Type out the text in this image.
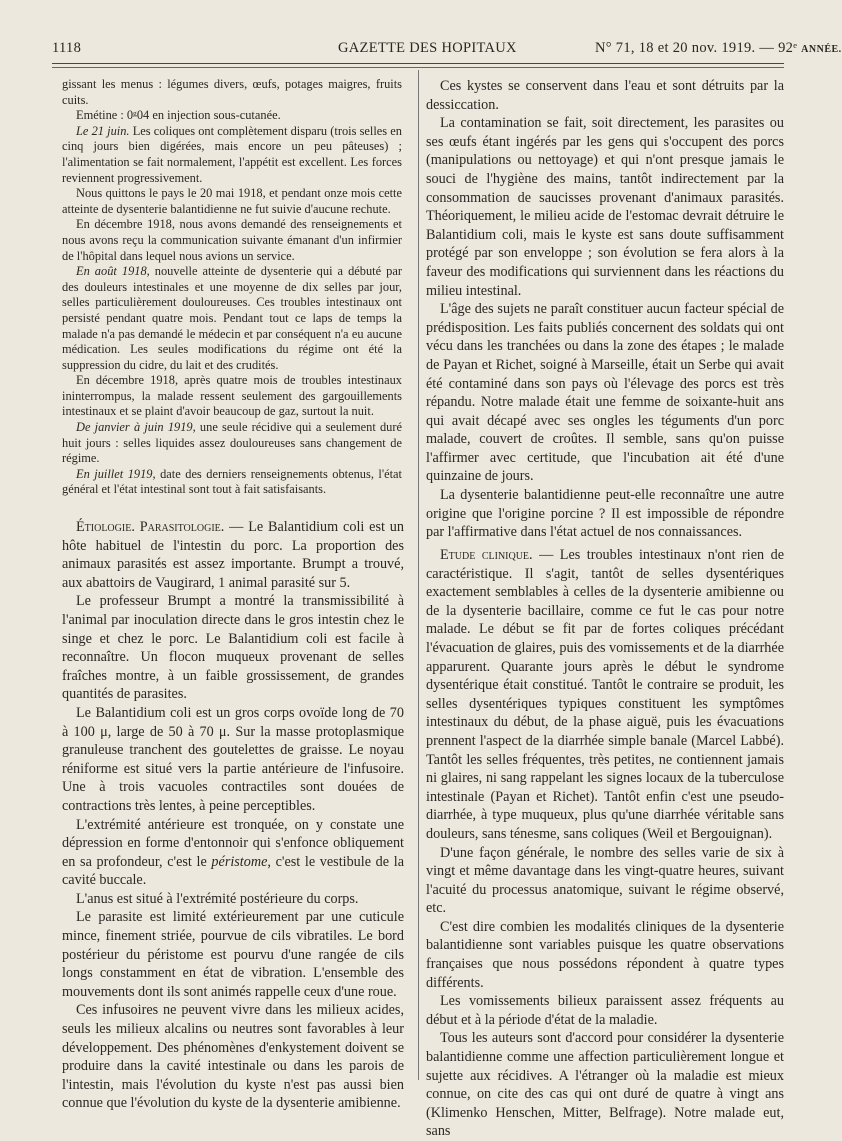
1118	GAZETTE DES HOPITAUX	N° 71, 18 et 20 nov. 1919. — 92ᵉ ANNÉE.

gissant les menus : légumes divers, œufs, potages maigres, fruits cuits.

Emétine : 0ᵍ04 en injection sous-cutanée.

Le 21 juin. Les coliques ont complètement disparu (trois selles en cinq jours bien digérées, mais encore un peu pâteuses) ; l'alimentation se fait normalement, l'appétit est excellent. Les forces reviennent progressivement.

Nous quittons le pays le 20 mai 1918, et pendant onze mois cette atteinte de dysenterie balantidienne ne fut suivie d'aucune rechute.

En décembre 1918, nous avons demandé des renseignements et nous avons reçu la communication suivante émanant d'un infirmier de l'hôpital dans lequel nous avions un service.

En août 1918, nouvelle atteinte de dysenterie qui a débuté par des douleurs intestinales et une moyenne de dix selles par jour, selles particulièrement douloureuses. Ces troubles intestinaux ont persisté pendant quatre mois. Pendant tout ce laps de temps la malade n'a pas demandé le médecin et par conséquent n'a eu aucune médication. Les seules modifications du régime ont été la suppression du cidre, du lait et des crudités.

En décembre 1918, après quatre mois de troubles intestinaux ininterrompus, la malade ressent seulement des gargouillements intestinaux et se plaint d'avoir beaucoup de gaz, surtout la nuit.

De janvier à juin 1919, une seule récidive qui a seulement duré huit jours : selles liquides assez douloureuses sans changement de régime.

En juillet 1919, date des derniers renseignements obtenus, l'état général et l'état intestinal sont tout à fait satisfaisants.

Étiologie. Parasitologie. — Le Balantidium coli est un hôte habituel de l'intestin du porc. La proportion des animaux parasités est assez importante. Brumpt a trouvé, aux abattoirs de Vaugirard, 1 animal parasité sur 5.

Le professeur Brumpt a montré la transmissibilité à l'animal par inoculation directe dans le gros intestin chez le singe et chez le porc. Le Balantidium coli est facile à reconnaître. Un flocon muqueux provenant de selles fraîches montre, à un faible grossissement, de grandes quantités de parasites.

Le Balantidium coli est un gros corps ovoïde long de 70 à 100 μ, large de 50 à 70 μ. Sur la masse protoplasmique granuleuse tranchent des goutelettes de graisse. Le noyau réniforme est situé vers la partie antérieure de l'infusoire. Une à trois vacuoles contractiles sont douées de contractions très lentes, à peine perceptibles.

L'extrémité antérieure est tronquée, on y constate une dépression en forme d'entonnoir qui s'enfonce obliquement en sa profondeur, c'est le péristome, c'est le vestibule de la cavité buccale.

L'anus est situé à l'extrémité postérieure du corps.

Le parasite est limité extérieurement par une cuticule mince, finement striée, pourvue de cils vibratiles. Le bord postérieur du péristome est pourvu d'une rangée de cils longs constamment en état de vibration. L'ensemble des mouvements dont ils sont animés rappelle ceux d'une roue.

Ces infusoires ne peuvent vivre dans les milieux acides, seuls les milieux alcalins ou neutres sont favorables à leur développement. Des phénomènes d'enkystement doivent se produire dans la cavité intestinale ou dans les parois de l'intestin, mais l'évolution du kyste n'est pas aussi bien connue que l'évolution du kyste de la dysenterie amibienne.

Ces kystes se conservent dans l'eau et sont détruits par la dessiccation.

La contamination se fait, soit directement, les parasites ou ses œufs étant ingérés par les gens qui s'occupent des porcs (manipulations ou nettoyage) et qui n'ont presque jamais le souci de l'hygiène des mains, tantôt indirectement par la consommation de saucisses provenant d'animaux parasités. Théoriquement, le milieu acide de l'estomac devrait détruire le Balantidium coli, mais le kyste est sans doute suffisamment protégé par son enveloppe ; son évolution se fera alors à la faveur des modifications qui surviennent dans les réactions du milieu intestinal.

L'âge des sujets ne paraît constituer aucun facteur spécial de prédisposition. Les faits publiés concernent des soldats qui ont vécu dans les tranchées ou dans la zone des étapes ; le malade de Payan et Richet, soigné à Marseille, était un Serbe qui avait été contaminé dans son pays où l'élevage des porcs est très répandu. Notre malade était une femme de soixante-huit ans qui avait décapé avec ses ongles les téguments d'un porc malade, couvert de croûtes. Il semble, sans qu'on puisse l'affirmer avec certitude, que l'incubation ait été d'une quinzaine de jours.

La dysenterie balantidienne peut-elle reconnaître une autre origine que l'origine porcine ? Il est impossible de répondre par l'affirmative dans l'état actuel de nos connaissances.

Etude clinique. — Les troubles intestinaux n'ont rien de caractéristique. Il s'agit, tantôt de selles dysentériques exactement semblables à celles de la dysenterie amibienne ou de la dysenterie bacillaire, comme ce fut le cas pour notre malade. Le début se fit par de fortes coliques précédant l'évacuation de glaires, puis des vomissements et de la diarrhée apparurent. Quarante jours après le début le syndrome dysentérique était constitué. Tantôt le contraire se produit, les selles dysentériques typiques constituent les symptômes intestinaux du début, de la phase aiguë, puis les évacuations prennent l'aspect de la diarrhée simple banale (Marcel Labbé). Tantôt les selles fréquentes, très petites, ne contiennent jamais ni glaires, ni sang rappelant les signes locaux de la tuberculose intestinale (Payan et Richet). Tantôt enfin c'est une pseudo-diarrhée, à type muqueux, plus qu'une diarrhée véritable sans douleurs, sans ténesme, sans coliques (Weil et Bergouignan).

D'une façon générale, le nombre des selles varie de six à vingt et même davantage dans les vingt-quatre heures, suivant l'acuité du processus anatomique, suivant le régime observé, etc.

C'est dire combien les modalités cliniques de la dysenterie balantidienne sont variables puisque les quatre observations françaises que nous possédons répondent à quatre types différents.

Les vomissements bilieux paraissent assez fréquents au début et à la période d'état de la maladie.

Tous les auteurs sont d'accord pour considérer la dysenterie balantidienne comme une affection particulièrement longue et sujette aux récidives. A l'étranger où la maladie est mieux connue, on cite des cas qui ont duré de quatre à vingt ans (Klimenko Henschen, Mitter, Belfrage). Notre malade eut, sans
